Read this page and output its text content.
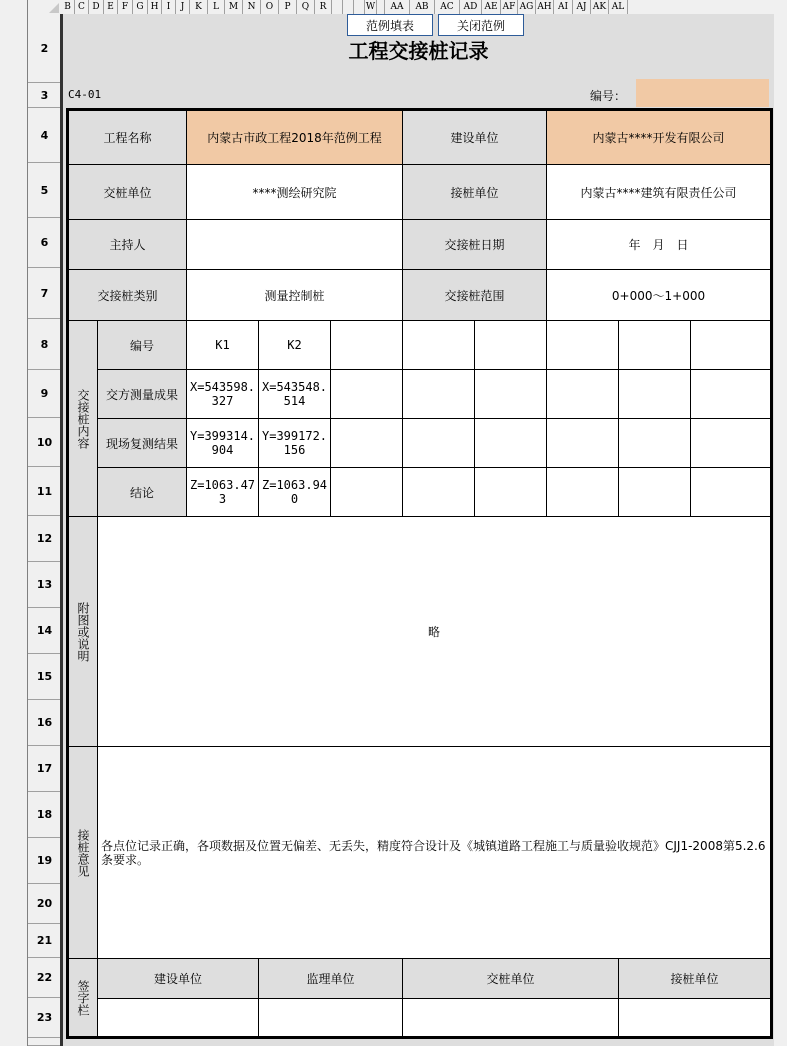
B C D E F G H I	J	K	L	M	N	O	P	Q	R	W	AA	AB	AC	AD AE AF AG AH AI AJ AK AL
2
3
4
5
6
7
8
9
10
11
12
13
14
15
16
17
18
19
20
21
22
23
范例填表	关闭范例
工程交接桩记录
C4-01	编号：
工程名称		内蒙古市政工程2018年范例工程			建设单位		内蒙古****开发有限公司		
交桩单位		****测绘研究院			接桩单位		内蒙古****建筑有限责任公司		
主持人					交接桩日期		年　月　日		
交接桩类别		测量控制桩			交接桩范围		0+000～1+000		

交接桩内容	编号	K1	K2						
	交方测量成果	X=543598.327	X=543548.514						
	现场复测结果	Y=399314.904	Y=399172.156						
	结论	Z=1063.473	Z=1063.940						

附图或说明	略								

接桩意见	各点位记录正确，各项数据及位置无偏差、无丢失，精度符合设计及《城镇道路工程施工与质量验收规范》CJJ1-2008第5.2.6条要求。								

签字栏	建设单位		监理单位		交桩单位			接桩单位	
